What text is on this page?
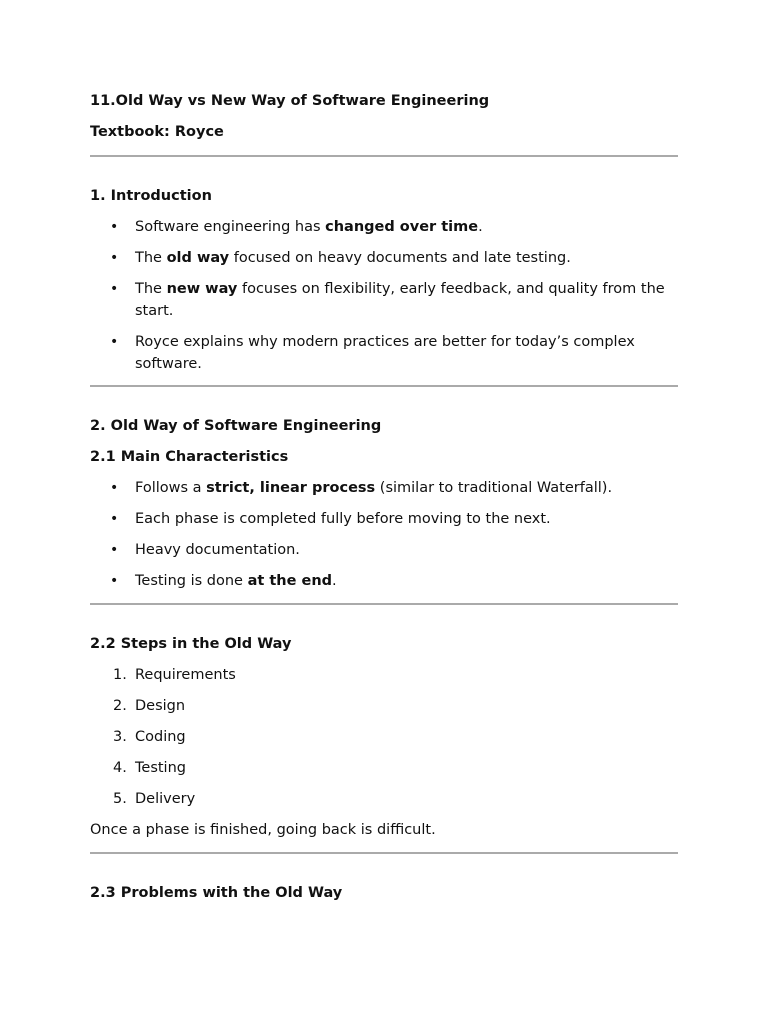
11.Old Way vs New Way of Software Engineering
Textbook: Royce
1. Introduction
• Software engineering has changed over time.
• The old way focused on heavy documents and late testing.
• The new way focuses on flexibility, early feedback, and quality from the start.
• Royce explains why modern practices are better for today’s complex software.
2. Old Way of Software Engineering
2.1 Main Characteristics
• Follows a strict, linear process (similar to traditional Waterfall).
• Each phase is completed fully before moving to the next.
• Heavy documentation.
• Testing is done at the end.
2.2 Steps in the Old Way
1. Requirements
2. Design
3. Coding
4. Testing
5. Delivery

Once a phase is finished, going back is difficult.

2.3 Problems with the Old Way
